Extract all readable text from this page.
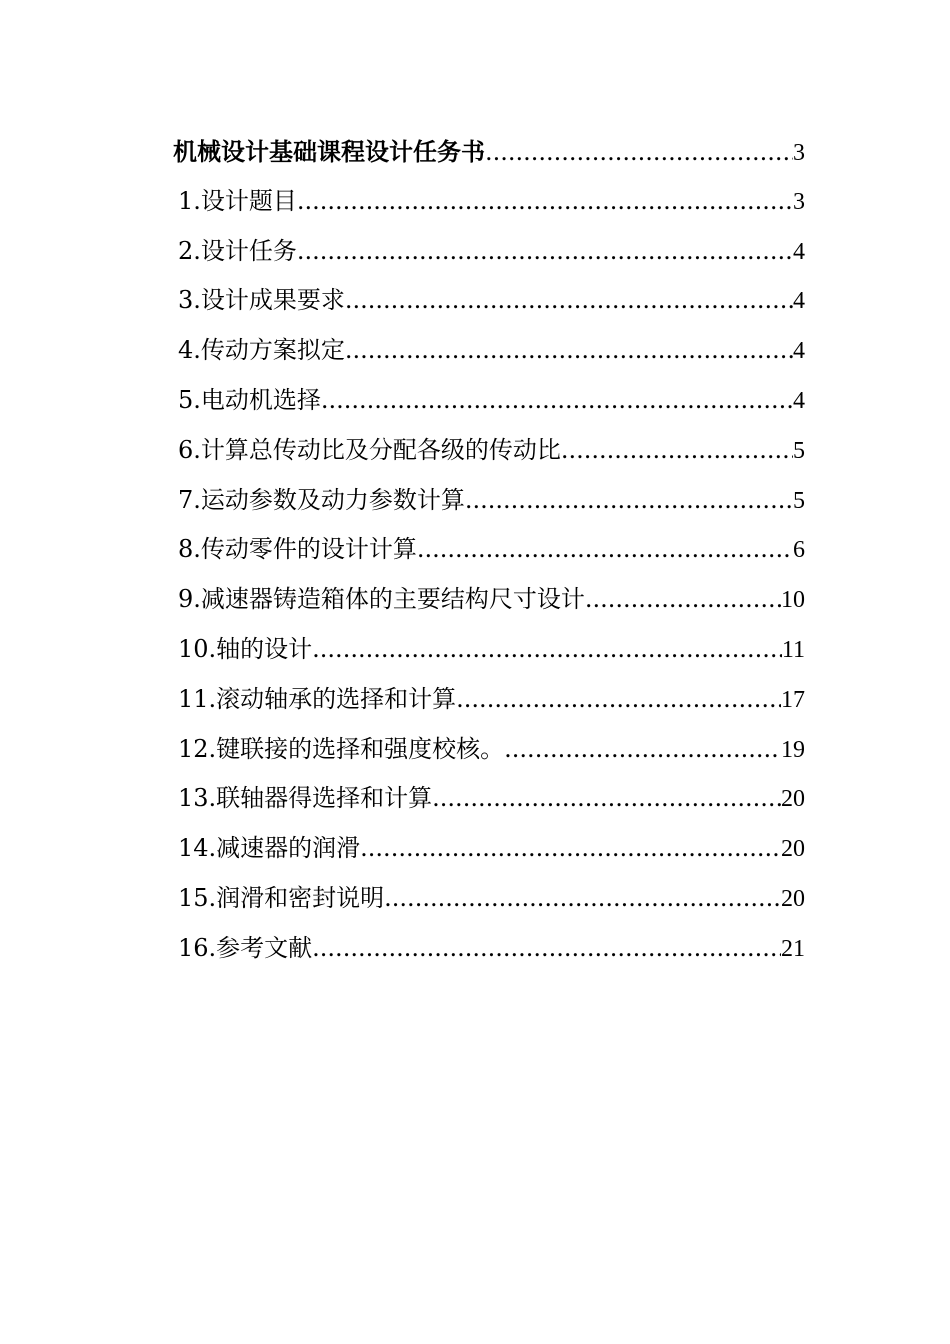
机械设计基础课程设计任务书 .....	3
1.设计题目 .....	3
2.设计任务 .....	4
3.设计成果要求 .....	4
4.传动方案拟定 .....	4
5.电动机选择 .....	4
6.计算总传动比及分配各级的传动比 .....	5
7.运动参数及动力参数计算 .....	5
8.传动零件的设计计算 .....	6
9.减速器铸造箱体的主要结构尺寸设计 .....	10
10.轴的设计 .....	11
11.滚动轴承的选择和计算 .....	17
12.键联接的选择和强度校核。 .....	19
13.联轴器得选择和计算 .....	20
14.减速器的润滑 .....	20
15.润滑和密封说明 .....	20
16.参考文献 .....	21
